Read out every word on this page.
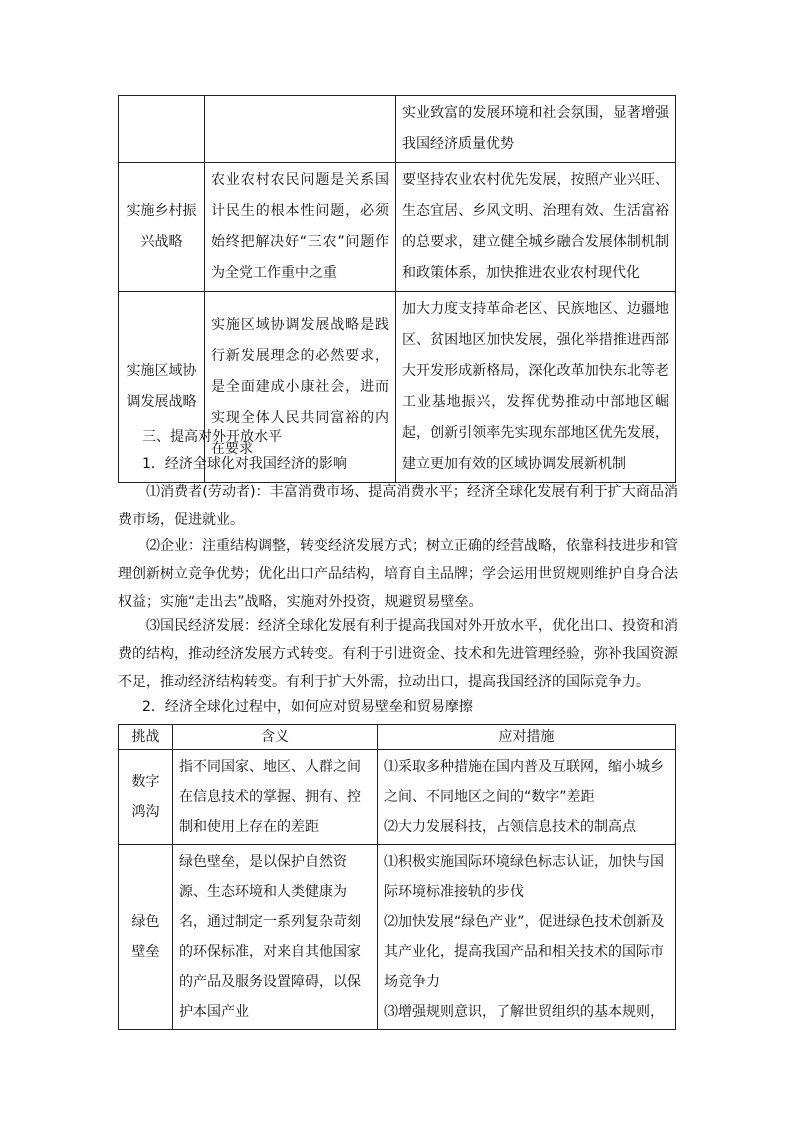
		实业致富的发展环境和社会氛围，显著增强我国经济质量优势

实施乡村振兴战略	农业农村农民问题是关系国计民生的根本性问题，必须始终把解决好“三农”问题作为全党工作重中之重	要坚持农业农村优先发展，按照产业兴旺、生态宜居、乡风文明、治理有效、生活富裕的总要求，建立健全城乡融合发展体制机制和政策体系，加快推进农业农村现代化

实施区域协调发展战略	实施区域协调发展战略是践行新发展理念的必然要求，是全面建成小康社会，进而实现全体人民共同富裕的内在要求	加大力度支持革命老区、民族地区、边疆地区、贫困地区加快发展，强化举措推进西部大开发形成新格局，深化改革加快东北等老工业基地振兴，发挥优势推动中部地区崛起，创新引领率先实现东部地区优先发展，建立更加有效的区域协调发展新机制
三、提高对外开放水平
1．经济全球化对我国经济的影响
⑴消费者(劳动者)：丰富消费市场、提高消费水平；经济全球化发展有利于扩大商品消费市场，促进就业。
⑵企业：注重结构调整，转变经济发展方式；树立正确的经营战略，依靠科技进步和管理创新树立竞争优势；优化出口产品结构，培育自主品牌；学会运用世贸规则维护自身合法权益；实施“走出去”战略，实施对外投资，规避贸易壁垒。
⑶国民经济发展：经济全球化发展有利于提高我国对外开放水平，优化出口、投资和消费的结构，推动经济发展方式转变。有利于引进资金、技术和先进管理经验，弥补我国资源不足，推动经济结构转变。有利于扩大外需，拉动出口，提高我国经济的国际竞争力。
2．经济全球化过程中，如何应对贸易壁垒和贸易摩擦
挑战	含义	应对措施

数字鸿沟	指不同国家、地区、人群之间在信息技术的掌握、拥有、控制和使用上存在的差距	⑴采取多种措施在国内普及互联网，缩小城乡之间、不同地区之间的“数字”差距
⑵大力发展科技，占领信息技术的制高点

绿色壁垒	绿色壁垒，是以保护自然资源、生态环境和人类健康为名，通过制定一系列复杂苛刻的环保标准，对来自其他国家的产品及服务设置障碍，以保护本国产业	⑴积极实施国际环境绿色标志认证，加快与国际环境标准接轨的步伐
⑵加快发展“绿色产业”，促进绿色技术创新及其产业化，提高我国产品和相关技术的国际市场竞争力
⑶增强规则意识，了解世贸组织的基本规则，
